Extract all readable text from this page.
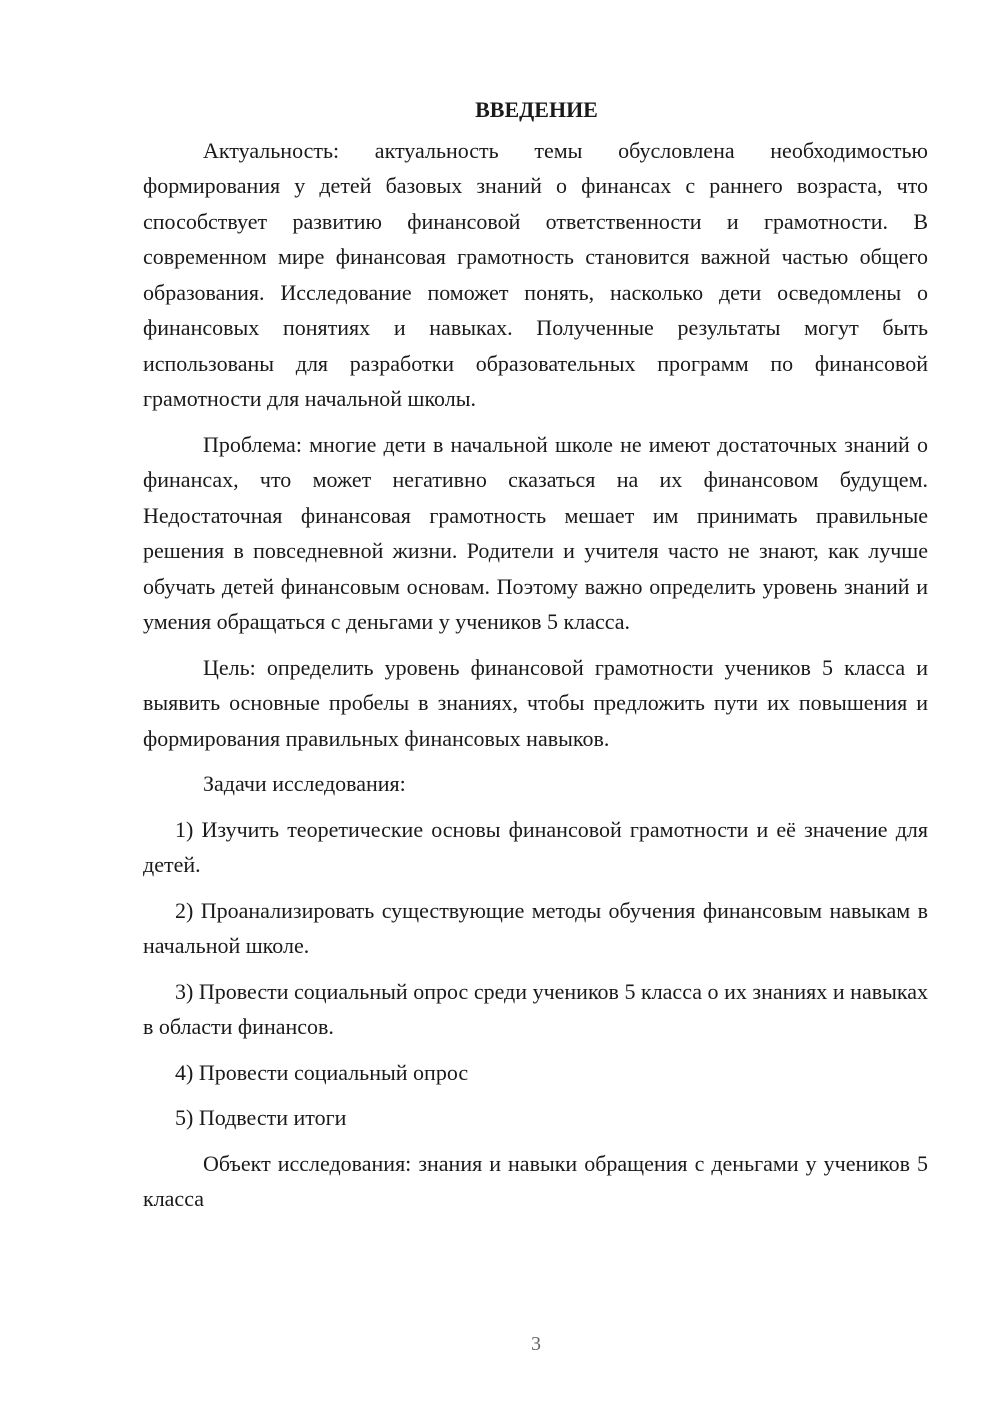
ВВЕДЕНИЕ

Актуальность: актуальность темы обусловлена необходимостью формирования у детей базовых знаний о финансах с раннего возраста, что способствует развитию финансовой ответственности и грамотности. В современном мире финансовая грамотность становится важной частью общего образования. Исследование поможет понять, насколько дети осведомлены о финансовых понятиях и навыках. Полученные результаты могут быть использованы для разработки образовательных программ по финансовой грамотности для начальной школы.

Проблема: многие дети в начальной школе не имеют достаточных знаний о финансах, что может негативно сказаться на их финансовом будущем. Недостаточная финансовая грамотность мешает им принимать правильные решения в повседневной жизни. Родители и учителя часто не знают, как лучше обучать детей финансовым основам. Поэтому важно определить уровень знаний и умения обращаться с деньгами у учеников 5 класса.

Цель: определить уровень финансовой грамотности учеников 5 класса и выявить основные пробелы в знаниях, чтобы предложить пути их повышения и формирования правильных финансовых навыков.

Задачи исследования:

1) Изучить теоретические основы финансовой грамотности и её значение для детей.

2) Проанализировать существующие методы обучения финансовым навыкам в начальной школе.

3) Провести социальный опрос среди учеников 5 класса о их знаниях и навыках в области финансов.

4) Провести социальный опрос

5) Подвести итоги

Объект исследования: знания и навыки обращения с деньгами у учеников 5 класса

3
